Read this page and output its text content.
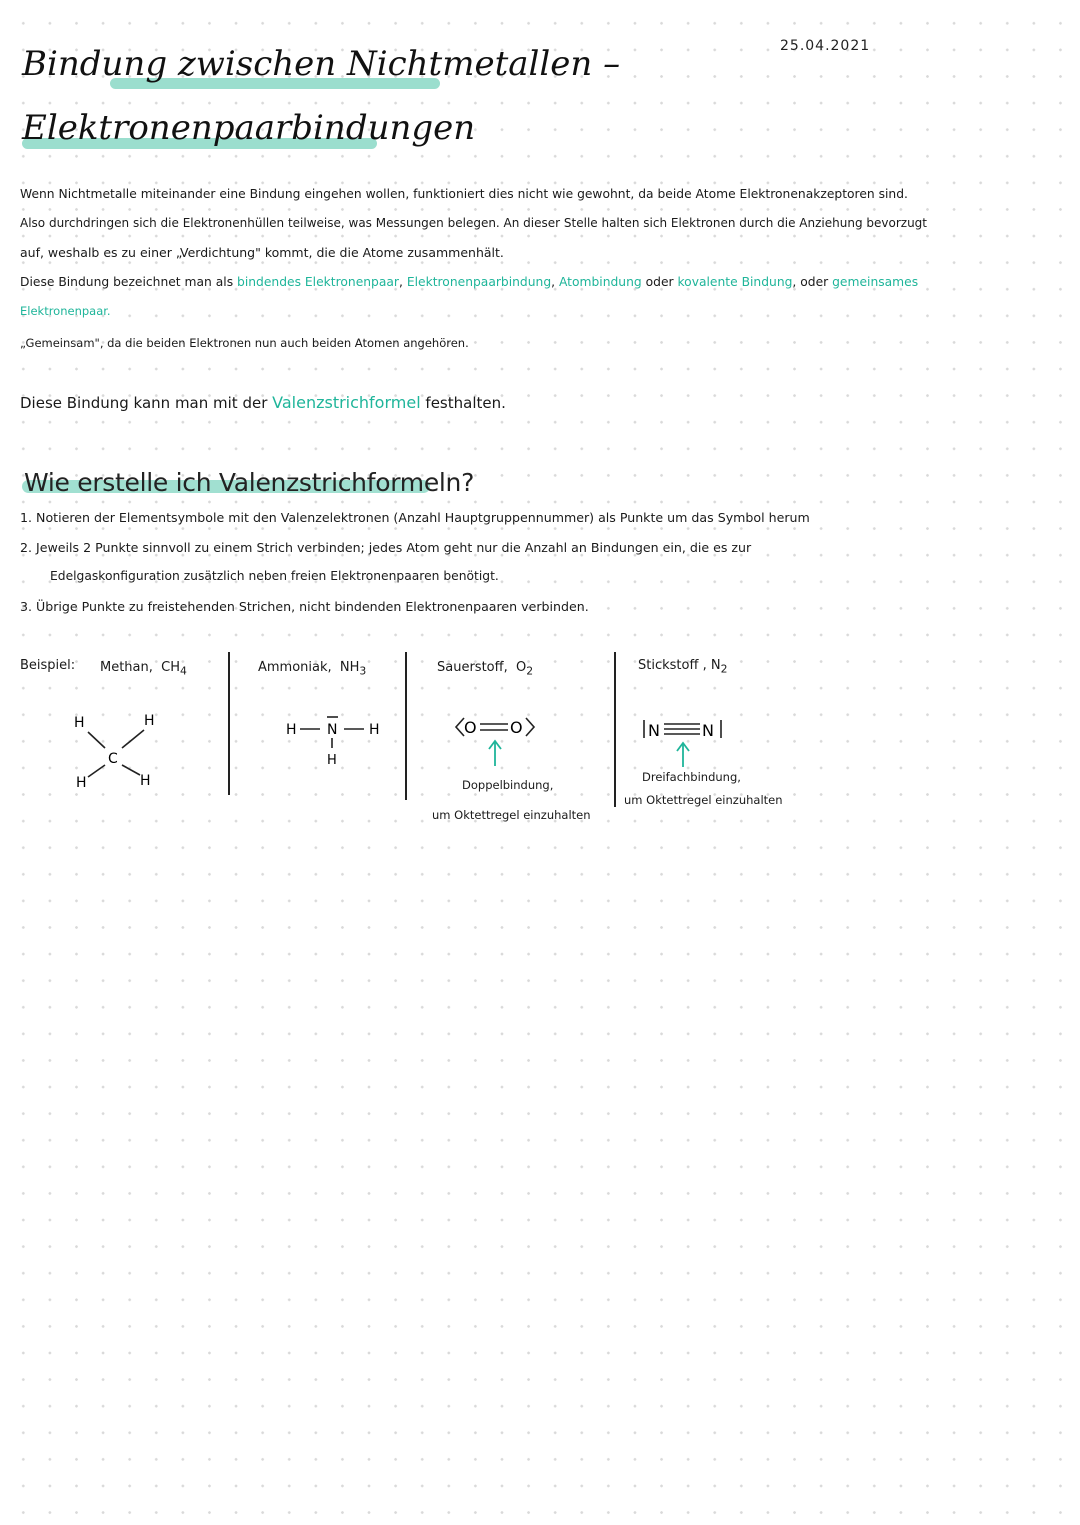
25.04.2021
Bindung zwischen Nichtmetallen –
Elektronenpaarbindungen
Wenn Nichtmetalle miteinander eine Bindung eingehen wollen, funktioniert dies nicht wie gewohnt, da beide Atome Elektronenakzeptoren sind.
Also durchdringen sich die Elektronenhüllen teilweise, was Messungen belegen. An dieser Stelle halten sich Elektronen durch die Anziehung bevorzugt
auf, weshalb es zu einer „Verdichtung" kommt, die die Atome zusammenhält.
Diese Bindung bezeichnet man als bindendes Elektronenpaar, Elektronenpaarbindung, Atombindung oder kovalente Bindung, oder gemeinsames
Elektronenpaar.
„Gemeinsam", da die beiden Elektronen nun auch beiden Atomen angehören.
Diese Bindung kann man mit der Valenzstrichformel festhalten.
Wie erstelle ich Valenzstrichformeln?
1. Notieren der Elementsymbole mit den Valenzelektronen (Anzahl Hauptgruppennummer) als Punkte um das Symbol herum
2. Jeweils 2 Punkte sinnvoll zu einem Strich verbinden; jedes Atom geht nur die Anzahl an Bindungen ein, die es zur
Edelgaskonfiguration zusätzlich neben freien Elektronenpaaren benötigt.
3. Übrige Punkte zu freistehenden Strichen, nicht bindenden Elektronenpaaren verbinden.
Beispiel: Methan, $CH_4$	Ammoniak, $NH_3$	Sauerstoff, $O_2$	Stickstoff , $N_2$
H	H
C
H	H
H N H
H
O O
Doppelbindung,
um Oktettregel einzuhalten
N	N
Dreifachbindung,
um Oktettregel einzuhalten
